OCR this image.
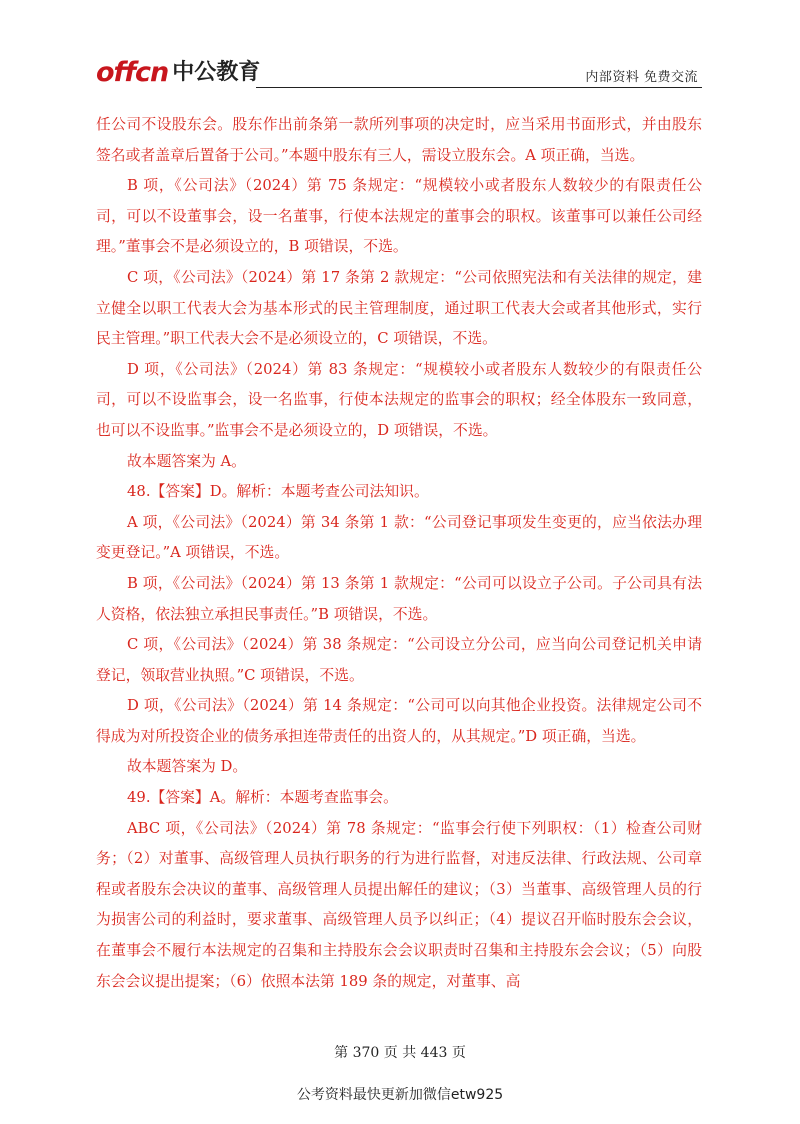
​
offcn 中公教育	内部资料 免费交流

任公司不设股东会。股东作出前条第一款所列事项的决定时，应当采用书面形式，并由股东签名或者盖章后置备于公司。”本题中股东有三人，需设立股东会。A 项正确，当选。

B 项，《公司法》（2024）第 75 条规定：“规模较小或者股东人数较少的有限责任公司，可以不设董事会，设一名董事，行使本法规定的董事会的职权。该董事可以兼任公司经理。”董事会不是必须设立的，B 项错误，不选。

C 项，《公司法》（2024）第 17 条第 2 款规定：“公司依照宪法和有关法律的规定，建立健全以职工代表大会为基本形式的民主管理制度，通过职工代表大会或者其他形式，实行民主管理。”职工代表大会不是必须设立的，C 项错误，不选。

D 项，《公司法》（2024）第 83 条规定：“规模较小或者股东人数较少的有限责任公司，可以不设监事会，设一名监事，行使本法规定的监事会的职权；经全体股东一致同意，也可以不设监事。”监事会不是必须设立的，D 项错误，不选。

故本题答案为 A。

48.【答案】D。解析：本题考查公司法知识。

A 项，《公司法》（2024）第 34 条第 1 款：“公司登记事项发生变更的，应当依法办理变更登记。”A 项错误，不选。

B 项，《公司法》（2024）第 13 条第 1 款规定：“公司可以设立子公司。子公司具有法人资格，依法独立承担民事责任。”B 项错误，不选。

C 项，《公司法》（2024）第 38 条规定：“公司设立分公司，应当向公司登记机关申请登记，领取营业执照。”C 项错误，不选。

D 项，《公司法》（2024）第 14 条规定：“公司可以向其他企业投资。法律规定公司不得成为对所投资企业的债务承担连带责任的出资人的，从其规定。”D 项正确，当选。

故本题答案为 D。

49.【答案】A。解析：本题考查监事会。

ABC 项，《公司法》（2024）第 78 条规定：“监事会行使下列职权：（1）检查公司财务；（2）对董事、高级管理人员执行职务的行为进行监督，对违反法律、行政法规、公司章程或者股东会决议的董事、高级管理人员提出解任的建议；（3）当董事、高级管理人员的行为损害公司的利益时，要求董事、高级管理人员予以纠正；（4）提议召开临时股东会会议，在董事会不履行本法规定的召集和主持股东会会议职责时召集和主持股东会会议；（5）向股东会会议提出提案；（6）依照本法第 189 条的规定，对董事、高

第 370 页 共 443 页
公考资料最快更新加微信etw925
